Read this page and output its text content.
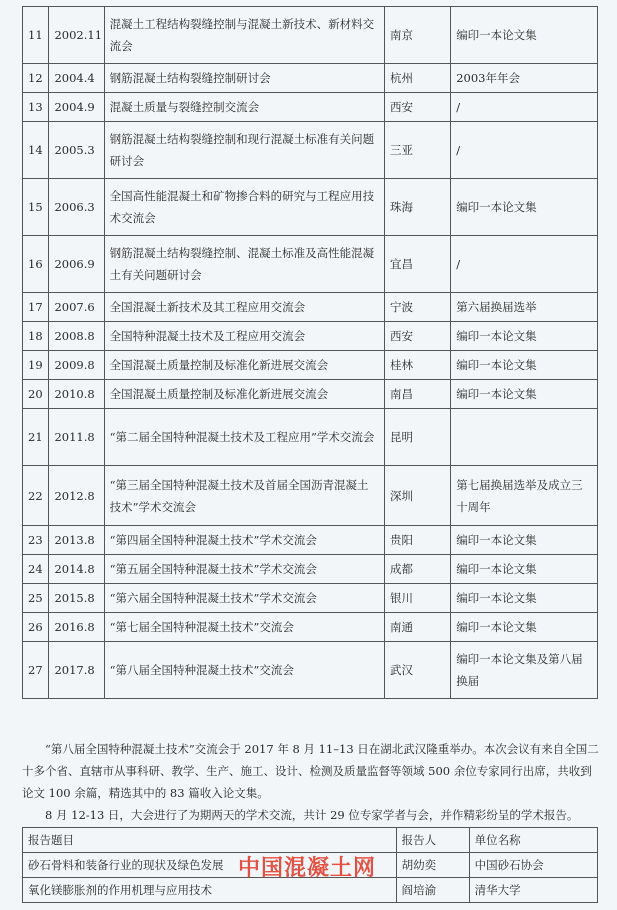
11	2002.11	混凝土工程结构裂缝控制与混凝土新技术、新材料交流会	南京	编印一本论文集
12	2004.4	钢筋混凝土结构裂缝控制研讨会	杭州	2003年年会
13	2004.9	混凝土质量与裂缝控制交流会	西安	/
14	2005.3	钢筋混凝土结构裂缝控制和现行混凝土标准有关问题研讨会	三亚	/
15	2006.3	全国高性能混凝土和矿物掺合料的研究与工程应用技术交流会	珠海	编印一本论文集
16	2006.9	钢筋混凝土结构裂缝控制、混凝土标准及高性能混凝土有关问题研讨会	宜昌	/
17	2007.6	全国混凝土新技术及其工程应用交流会	宁波	第六届换届选举
18	2008.8	全国特种混凝土技术及工程应用交流会	西安	编印一本论文集
19	2009.8	全国混凝土质量控制及标准化新进展交流会	桂林	编印一本论文集
20	2010.8	全国混凝土质量控制及标准化新进展交流会	南昌	编印一本论文集
21	2011.8	“第二届全国特种混凝土技术及工程应用”学术交流会	昆明	
22	2012.8	“第三届全国特种混凝土技术及首届全国沥青混凝土技术”学术交流会	深圳	第七届换届选举及成立三十周年
23	2013.8	“第四届全国特种混凝土技术”学术交流会	贵阳	编印一本论文集
24	2014.8	“第五届全国特种混凝土技术”学术交流会	成都	编印一本论文集
25	2015.8	“第六届全国特种混凝土技术”学术交流会	银川	编印一本论文集
26	2016.8	“第七届全国特种混凝土技术”交流会	南通	编印一本论文集
27	2017.8	“第八届全国特种混凝土技术”交流会	武汉	编印一本论文集及第八届换届
“第八届全国特种混凝土技术”交流会于 2017 年 8 月 11–13 日在湖北武汉隆重举办。本次会议有来自全国二十多个省、直辖市从事科研、教学、生产、施工、设计、检测及质量监督等领域 500 余位专家同行出席，共收到论文 100 余篇，精选其中的 83 篇收入论文集。
8 月 12-13 日，大会进行了为期两天的学术交流，共计 29 位专家学者与会，并作精彩纷呈的学术报告。
报告题目	报告人	单位名称
砂石骨料和装备行业的现状及绿色发展	胡幼奕	中国砂石协会
氧化镁膨胀剂的作用机理与应用技术	阎培渝	清华大学
中国混凝土网
